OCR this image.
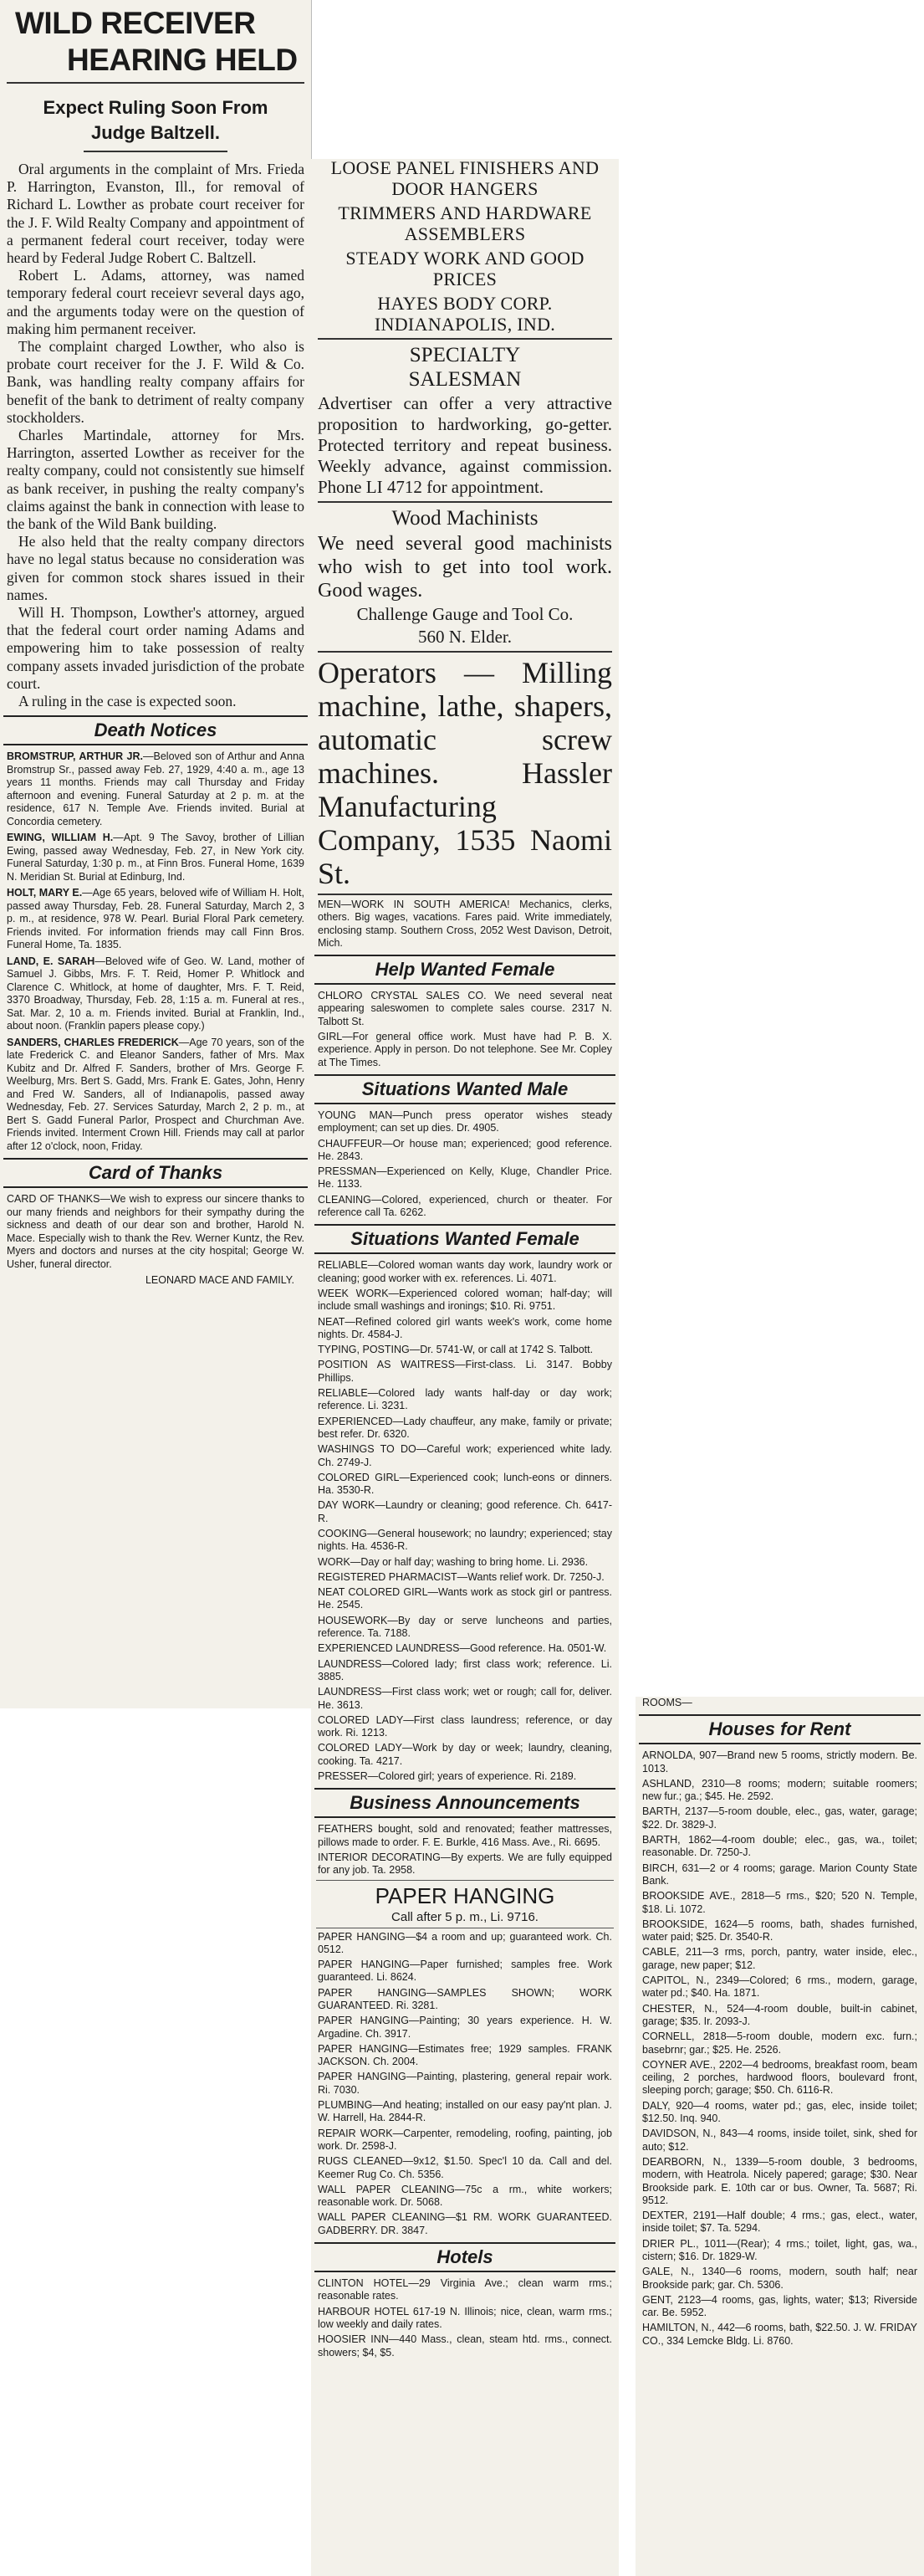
WILD RECEIVER
HEARING HELD
Expect Ruling Soon From Judge Baltzell.

Oral arguments in the complaint of Mrs. Frieda P. Harrington, Evanston, Ill., for removal of Richard L. Lowther as probate court receiver for the J. F. Wild Realty Company and appointment of a permanent federal court receiver, today were heard by Federal Judge Robert C. Baltzell.

Robert L. Adams, attorney, was named temporary federal court receievr several days ago, and the arguments today were on the question of making him permanent receiver.

The complaint charged Lowther, who also is probate court receiver for the J. F. Wild & Co. Bank, was handling realty company affairs for benefit of the bank to detriment of realty company stockholders.

Charles Martindale, attorney for Mrs. Harrington, asserted Lowther as receiver for the realty company, could not consistently sue himself as bank receiver, in pushing the realty company's claims against the bank in connection with lease to the bank of the Wild Bank building.

He also held that the realty company directors have no legal status because no consideration was given for common stock shares issued in their names.

Will H. Thompson, Lowther's attorney, argued that the federal court order naming Adams and empowering him to take possession of realty company assets invaded jurisdiction of the probate court.

A ruling in the case is expected soon.

Death Notices

BROMSTRUP, ARTHUR JR.—Beloved son of Arthur and Anna Bromstrup Sr., passed away Feb. 27, 1929, 4:40 a. m., age 13 years 11 months. Friends may call Thursday and Friday afternoon and evening. Funeral Saturday at 2 p. m. at the residence, 617 N. Temple Ave. Friends invited. Burial at Concordia cemetery.

EWING, WILLIAM H.—Apt. 9 The Savoy, brother of Lillian Ewing, passed away Wednesday, Feb. 27, in New York city. Funeral Saturday, 1:30 p. m., at Finn Bros. Funeral Home, 1639 N. Meridian St. Burial at Edinburg, Ind.

HOLT, MARY E.—Age 65 years, beloved wife of William H. Holt, passed away Thursday, Feb. 28. Funeral Saturday, March 2, 3 p. m., at residence, 978 W. Pearl. Burial Floral Park cemetery. Friends invited. For information friends may call Finn Bros. Funeral Home, Ta. 1835.

LAND, E. SARAH—Beloved wife of Geo. W. Land, mother of Samuel J. Gibbs, Mrs. F. T. Reid, Homer P. Whitlock and Clarence C. Whitlock, at home of daughter, Mrs. F. T. Reid, 3370 Broadway, Thursday, Feb. 28, 1:15 a. m. Funeral at res., Sat. Mar. 2, 10 a. m. Friends invited. Burial at Franklin, Ind., about noon. (Franklin papers please copy.)

SANDERS, CHARLES FREDERICK—Age 70 years, son of the late Frederick C. and Eleanor Sanders, father of Mrs. Max Kubitz and Dr. Alfred F. Sanders, brother of Mrs. George F. Weelburg, Mrs. Bert S. Gadd, Mrs. Frank E. Gates, John, Henry and Fred W. Sanders, all of Indianapolis, passed away Wednesday, Feb. 27. Services Saturday, March 2, 2 p. m., at Bert S. Gadd Funeral Parlor, Prospect and Churchman Ave. Friends invited. Interment Crown Hill. Friends may call at parlor after 12 o'clock, noon, Friday.

Card of Thanks

CARD OF THANKS—We wish to express our sincere thanks to our many friends and neighbors for their sympathy during the sickness and death of our dear son and brother, Harold N. Mace. Especially wish to thank the Rev. Werner Kuntz, the Rev. Myers and doctors and nurses at the city hospital; George W. Usher, funeral director.

LEONARD MACE AND FAMILY.

LOOSE PANEL FINISHERS AND DOOR HANGERS
TRIMMERS AND HARDWARE ASSEMBLERS
STEADY WORK AND GOOD PRICES
HAYES BODY CORP. INDIANAPOLIS, IND.
SPECIALTY SALESMAN

Advertiser can offer a very attractive proposition to hardworking, go-getter. Protected territory and repeat business. Weekly advance, against commission. Phone LI 4712 for appointment.

Wood Machinists

We need several good machinists who wish to get into tool work. Good wages.

Challenge Gauge and Tool Co.

560 N. Elder.

Operators — Milling machine, lathe, shapers, automatic screw machines. Hassler Manufacturing Company, 1535 Naomi St.

MEN—WORK IN SOUTH AMERICA! Mechanics, clerks, others. Big wages, vacations. Fares paid. Write immediately, enclosing stamp. Southern Cross, 2052 West Davison, Detroit, Mich.

Help Wanted Female

CHLORO CRYSTAL SALES CO. We need several neat appearing saleswomen to complete sales course. 2317 N. Talbott St.

GIRL—For general office work. Must have had P. B. X. experience. Apply in person. Do not telephone. See Mr. Copley at The Times.

Situations Wanted Male

YOUNG MAN—Punch press operator wishes steady employment; can set up dies. Dr. 4905.

CHAUFFEUR—Or house man; experienced; good reference. He. 2843.

PRESSMAN—Experienced on Kelly, Kluge, Chandler Price. He. 1133.

CLEANING—Colored, experienced, church or theater. For reference call Ta. 6262.

Situations Wanted Female

RELIABLE—Colored woman wants day work, laundry work or cleaning; good worker with ex. references. Li. 4071.

WEEK WORK—Experienced colored woman; half-day; will include small washings and ironings; $10. Ri. 9751.

NEAT—Refined colored girl wants week's work, come home nights. Dr. 4584-J.

TYPING, POSTING—Dr. 5741-W, or call at 1742 S. Talbott.

POSITION AS WAITRESS—First-class. Li. 3147. Bobby Phillips.

RELIABLE—Colored lady wants half-day or day work; reference. Li. 3231.

EXPERIENCED—Lady chauffeur, any make, family or private; best refer. Dr. 6320.

WASHINGS TO DO—Careful work; experienced white lady. Ch. 2749-J.

COLORED GIRL—Experienced cook; lunch-eons or dinners. Ha. 3530-R.

DAY WORK—Laundry or cleaning; good reference. Ch. 6417-R.

COOKING—General housework; no laundry; experienced; stay nights. Ha. 4536-R.

WORK—Day or half day; washing to bring home. Li. 2936.

REGISTERED PHARMACIST—Wants relief work. Dr. 7250-J.

NEAT COLORED GIRL—Wants work as stock girl or pantress. He. 2545.

HOUSEWORK—By day or serve luncheons and parties, reference. Ta. 7188.

EXPERIENCED LAUNDRESS—Good reference. Ha. 0501-W.

LAUNDRESS—Colored lady; first class work; reference. Li. 3885.

LAUNDRESS—First class work; wet or rough; call for, deliver. He. 3613.

COLORED LADY—First class laundress; reference, or day work. Ri. 1213.

COLORED LADY—Work by day or week; laundry, cleaning, cooking. Ta. 4217.

PRESSER—Colored girl; years of experience. Ri. 2189.

Business Announcements

FEATHERS bought, sold and renovated; feather mattresses, pillows made to order. F. E. Burkle, 416 Mass. Ave., Ri. 6695.

INTERIOR DECORATING—By experts. We are fully equipped for any job. Ta. 2958.

PAPER HANGING
Call after 5 p. m., Li. 9716.

PAPER HANGING—$4 a room and up; guaranteed work. Ch. 0512.

PAPER HANGING—Paper furnished; samples free. Work guaranteed. Li. 8624.

PAPER HANGING—SAMPLES SHOWN; WORK GUARANTEED. Ri. 3281.

PAPER HANGING—Painting; 30 years experience. H. W. Argadine. Ch. 3917.

PAPER HANGING—Estimates free; 1929 samples. FRANK JACKSON. Ch. 2004.

PAPER HANGING—Painting, plastering, general repair work. Ri. 7030.

PLUMBING—And heating; installed on our easy pay'nt plan. J. W. Harrell, Ha. 2844-R.

REPAIR WORK—Carpenter, remodeling, roofing, painting, job work. Dr. 2598-J.

RUGS CLEANED—9x12, $1.50. Spec'l 10 da. Call and del. Keemer Rug Co. Ch. 5356.

WALL PAPER CLEANING—75c a rm., white workers; reasonable work. Dr. 5068.

WALL PAPER CLEANING—$1 RM. WORK GUARANTEED. GADBERRY. DR. 3847.

Hotels

CLINTON HOTEL—29 Virginia Ave.; clean warm rms.; reasonable rates.

HARBOUR HOTEL 617-19 N. Illinois; nice, clean, warm rms.; low weekly and daily rates.

HOOSIER INN—440 Mass., clean, steam htd. rms., connect. showers; $4, $5.

ROOMS—

Houses for Rent

ARNOLDA, 907—Brand new 5 rooms, strictly modern. Be. 1013.

ASHLAND, 2310—8 rooms; modern; suitable roomers; new fur.; ga.; $45. He. 2592.

BARTH, 2137—5-room double, elec., gas, water, garage; $22. Dr. 3829-J.

BARTH, 1862—4-room double; elec., gas, wa., toilet; reasonable. Dr. 7250-J.

BIRCH, 631—2 or 4 rooms; garage. Marion County State Bank.

BROOKSIDE AVE., 2818—5 rms., $20; 520 N. Temple, $18. Li. 1072.

BROOKSIDE, 1624—5 rooms, bath, shades furnished, water paid; $25. Dr. 3540-R.

CABLE, 211—3 rms, porch, pantry, water inside, elec., garage, new paper; $12.

CAPITOL, N., 2349—Colored; 6 rms., modern, garage, water pd.; $40. Ha. 1871.

CHESTER, N., 524—4-room double, built-in cabinet, garage; $35. Ir. 2093-J.

CORNELL, 2818—5-room double, modern exc. furn.; basebrnr; gar.; $25. He. 2526.

COYNER AVE., 2202—4 bedrooms, breakfast room, beam ceiling, 2 porches, hardwood floors, boulevard front, sleeping porch; garage; $50. Ch. 6116-R.

DALY, 920—4 rooms, water pd.; gas, elec, inside toilet; $12.50. Inq. 940.

DAVIDSON, N., 843—4 rooms, inside toilet, sink, shed for auto; $12.

DEARBORN, N., 1339—5-room double, 3 bedrooms, modern, with Heatrola. Nicely papered; garage; $30. Near Brookside park. E. 10th car or bus. Owner, Ta. 5687; Ri. 9512.

DEXTER, 2191—Half double; 4 rms.; gas, elect., water, inside toilet; $7. Ta. 5294.

DRIER PL., 1011—(Rear); 4 rms.; toilet, light, gas, wa., cistern; $16. Dr. 1829-W.

GALE, N., 1340—6 rooms, modern, south half; near Brookside park; gar. Ch. 5306.

GENT, 2123—4 rooms, gas, lights, water; $13; Riverside car. Be. 5952.

HAMILTON, N., 442—6 rooms, bath, $22.50. J. W. FRIDAY CO., 334 Lemcke Bldg. Li. 8760.
